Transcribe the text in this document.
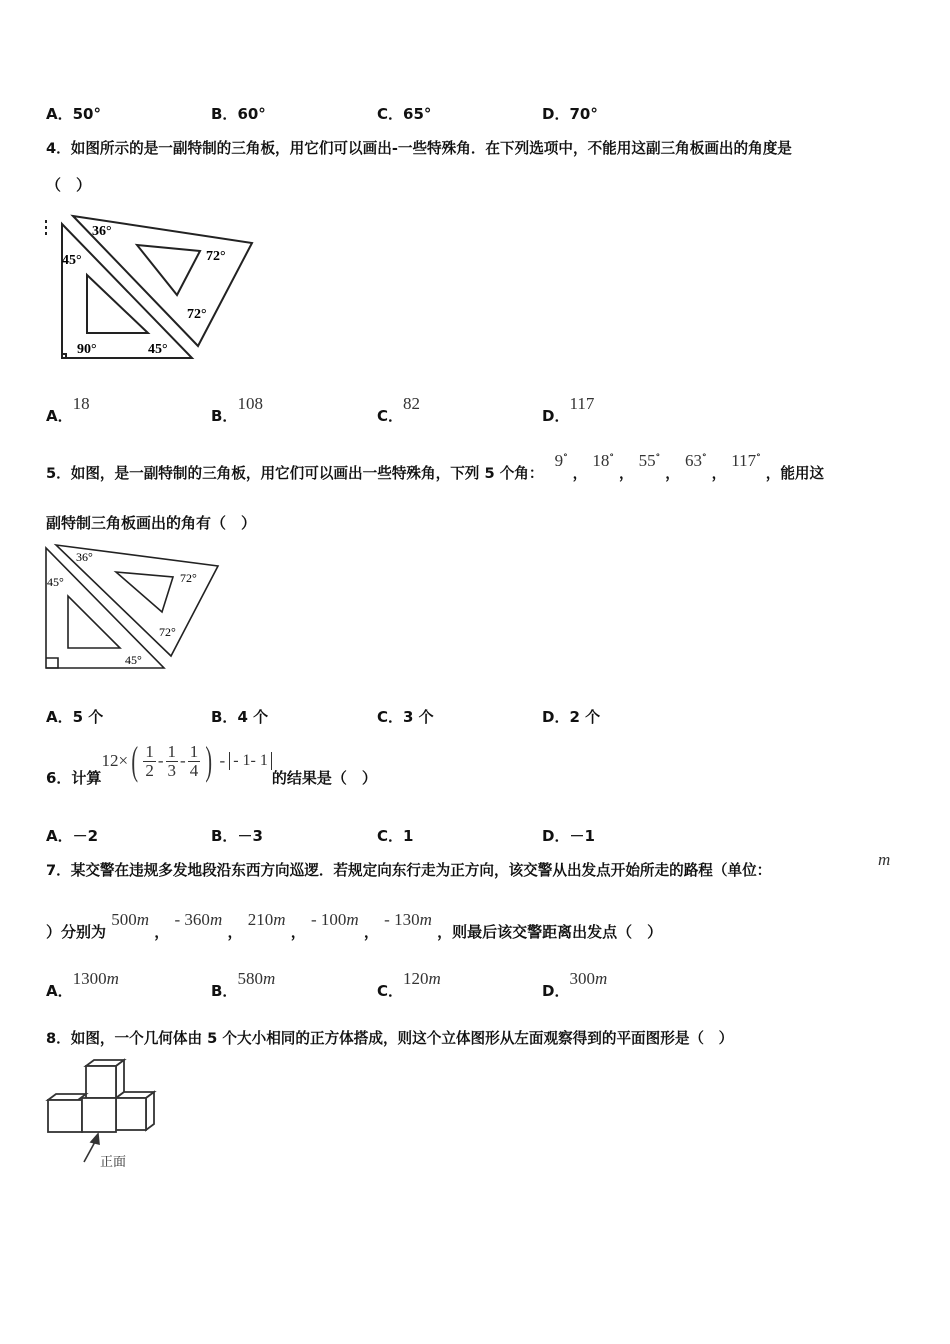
A．50°	B．60°	C．65°	D．70°
4．如图所示的是一副特制的三角板，用它们可以画出-一些特殊角．在下列选项中，不能用这副三角板画出的角度是
（　）
36°
72°
45°
72°
90°	45°
A．18
B．108
C．82
D．117
5．如图，是一副特制的三角板，用它们可以画出一些特殊角，下列 5 个角： 9° ， 18° ， 55° ， 63° ， 117° ，能用这
副特制三角板画出的角有（　）
36°
72°
45°
72°
45°
A．5 个	B．4 个	C．3 个	D．2 个
6．计算
12 × ( $\frac{1}{2} - \frac{1}{3} - \frac{1}{4}$ ) - - 1- 1
的结果是（　）
A．－2	B．－3	C．1	D．－1
7．某交警在违规多发地段沿东西方向巡逻．若规定向东行走为正方向，该交警从出发点开始所走的路程（单位：
m
）分别为 500m ， - 360m ， 210m ， - 100m ， - 130m ，则最后该交警距离出发点（　）
A．1300m
B．580m
C．120m
D．300m
8．如图，一个几何体由 5 个大小相同的正方体搭成，则这个立体图形从左面观察得到的平面图形是（　）
正面
